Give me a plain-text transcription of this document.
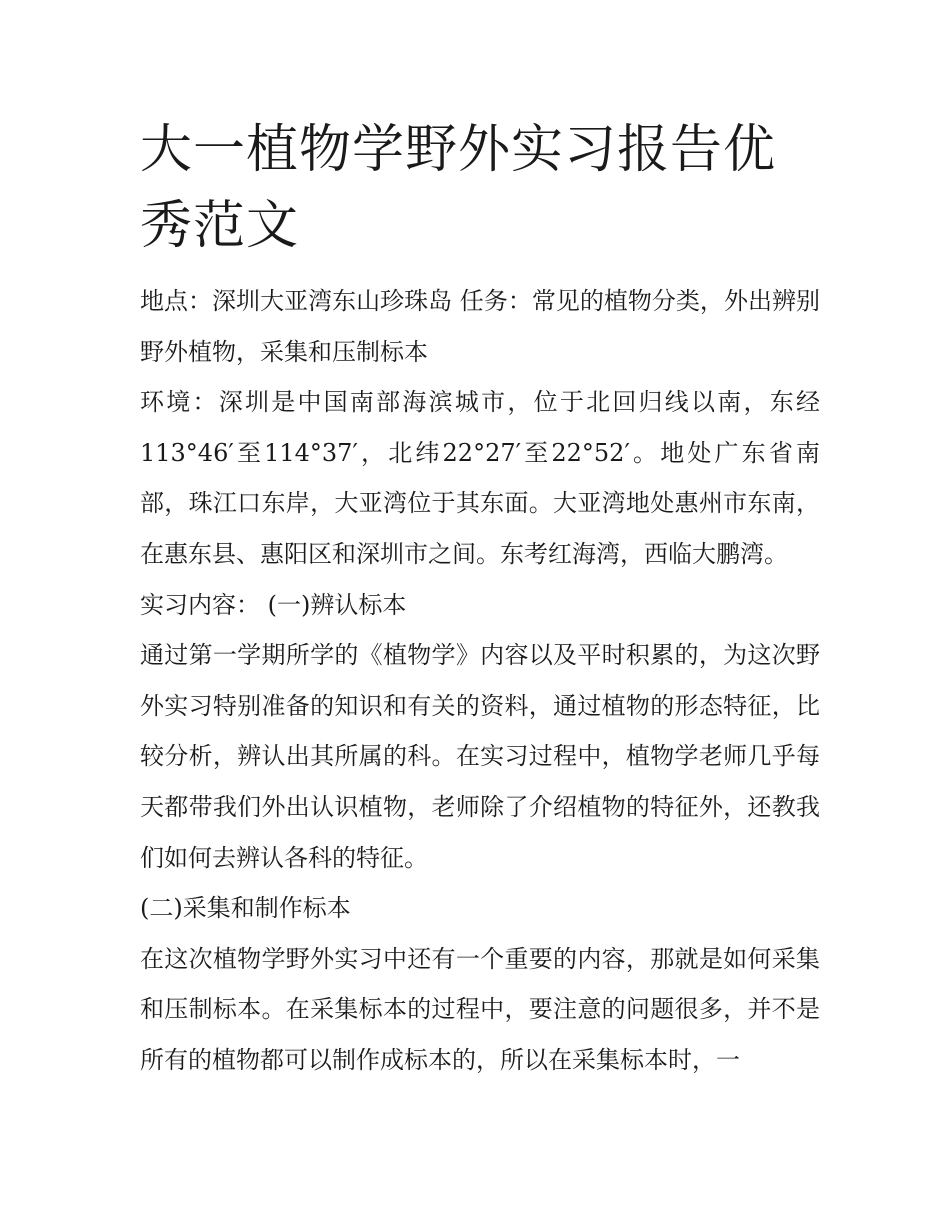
大一植物学野外实习报告优秀范文

地点：深圳大亚湾东山珍珠岛 任务：常见的植物分类，外出辨别野外植物，采集和压制标本

环境：深圳是中国南部海滨城市，位于北回归线以南，东经113°46′至114°37′，北纬22°27′至22°52′。地处广东省南部，珠江口东岸，大亚湾位于其东面。大亚湾地处惠州市东南，在惠东县、惠阳区和深圳市之间。东考红海湾，西临大鹏湾。

实习内容： (一)辨认标本

通过第一学期所学的《植物学》内容以及平时积累的，为这次野外实习特别准备的知识和有关的资料，通过植物的形态特征，比较分析，辨认出其所属的科。在实习过程中，植物学老师几乎每天都带我们外出认识植物，老师除了介绍植物的特征外，还教我们如何去辨认各科的特征。

(二)采集和制作标本

在这次植物学野外实习中还有一个重要的内容，那就是如何采集和压制标本。在采集标本的过程中，要注意的问题很多，并不是所有的植物都可以制作成标本的，所以在采集标本时，一
